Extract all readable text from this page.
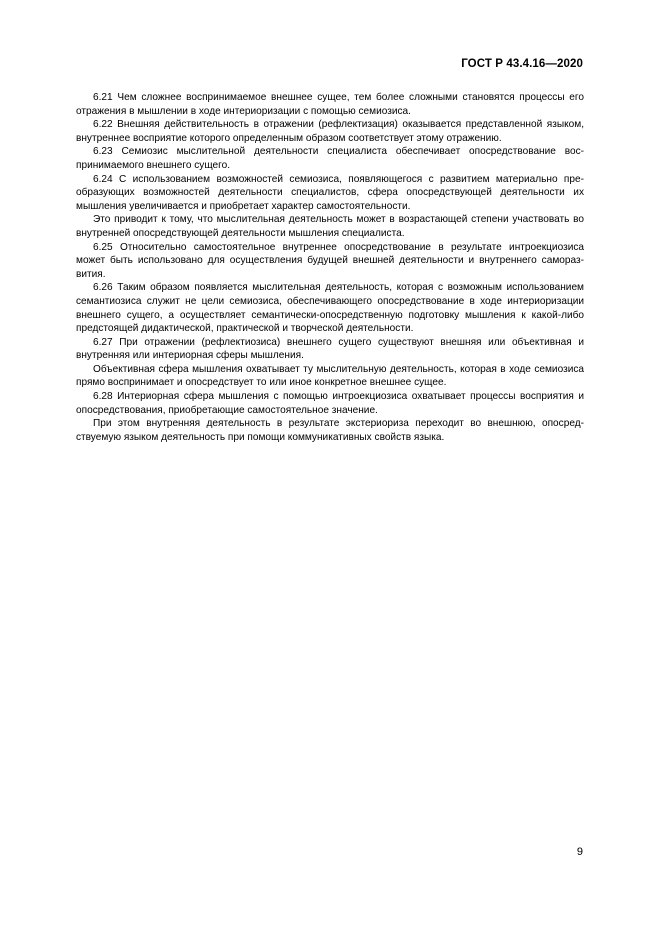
ГОСТ Р 43.4.16—2020

6.21 Чем сложнее воспринимаемое внешнее сущее, тем более сложными становятся процессы его отражения в мышлении в ходе интериоризации с помощью семиозиса.

6.22 Внешняя действительность в отражении (рефлектизация) оказывается представленной языком, внутреннее восприятие которого определенным образом соответствует этому отражению.

6.23 Семиозис мыслительной деятельности специалиста обеспечивает опосредствование воспринимаемого внешнего сущего.

6.24 С использованием возможностей семиозиса, появляющегося с развитием материально преобразующих возможностей деятельности специалистов, сфера опосредствующей деятельности их мышления увеличивается и приобретает характер самостоятельности.

Это приводит к тому, что мыслительная деятельность может в возрастающей степени участвовать во внутренней опосредствующей деятельности мышления специалиста.

6.25 Относительно самостоятельное внутреннее опосредствование в результате интроекциозиса может быть использовано для осуществления будущей внешней деятельности и внутреннего саморазвития.

6.26 Таким образом появляется мыслительная деятельность, которая с возможным использованием семантиозиса служит не цели семиозиса, обеспечивающего опосредствование в ходе интериоризации внешнего сущего, а осуществляет семантически-опосредственную подготовку мышления к какой-либо предстоящей дидактической, практической и творческой деятельности.

6.27 При отражении (рефлектиозиса) внешнего сущего существуют внешняя или объективная и внутренняя или интериорная сферы мышления.

Объективная сфера мышления охватывает ту мыслительную деятельность, которая в ходе семиозиса прямо воспринимает и опосредствует то или иное конкретное внешнее сущее.

6.28 Интериорная сфера мышления с помощью интроекциозиса охватывает процессы восприятия и опосредствования, приобретающие самостоятельное значение.

При этом внутренняя деятельность в результате экстериориза переходит во внешнюю, опосредствуемую языком деятельность при помощи коммуникативных свойств языка.

9
